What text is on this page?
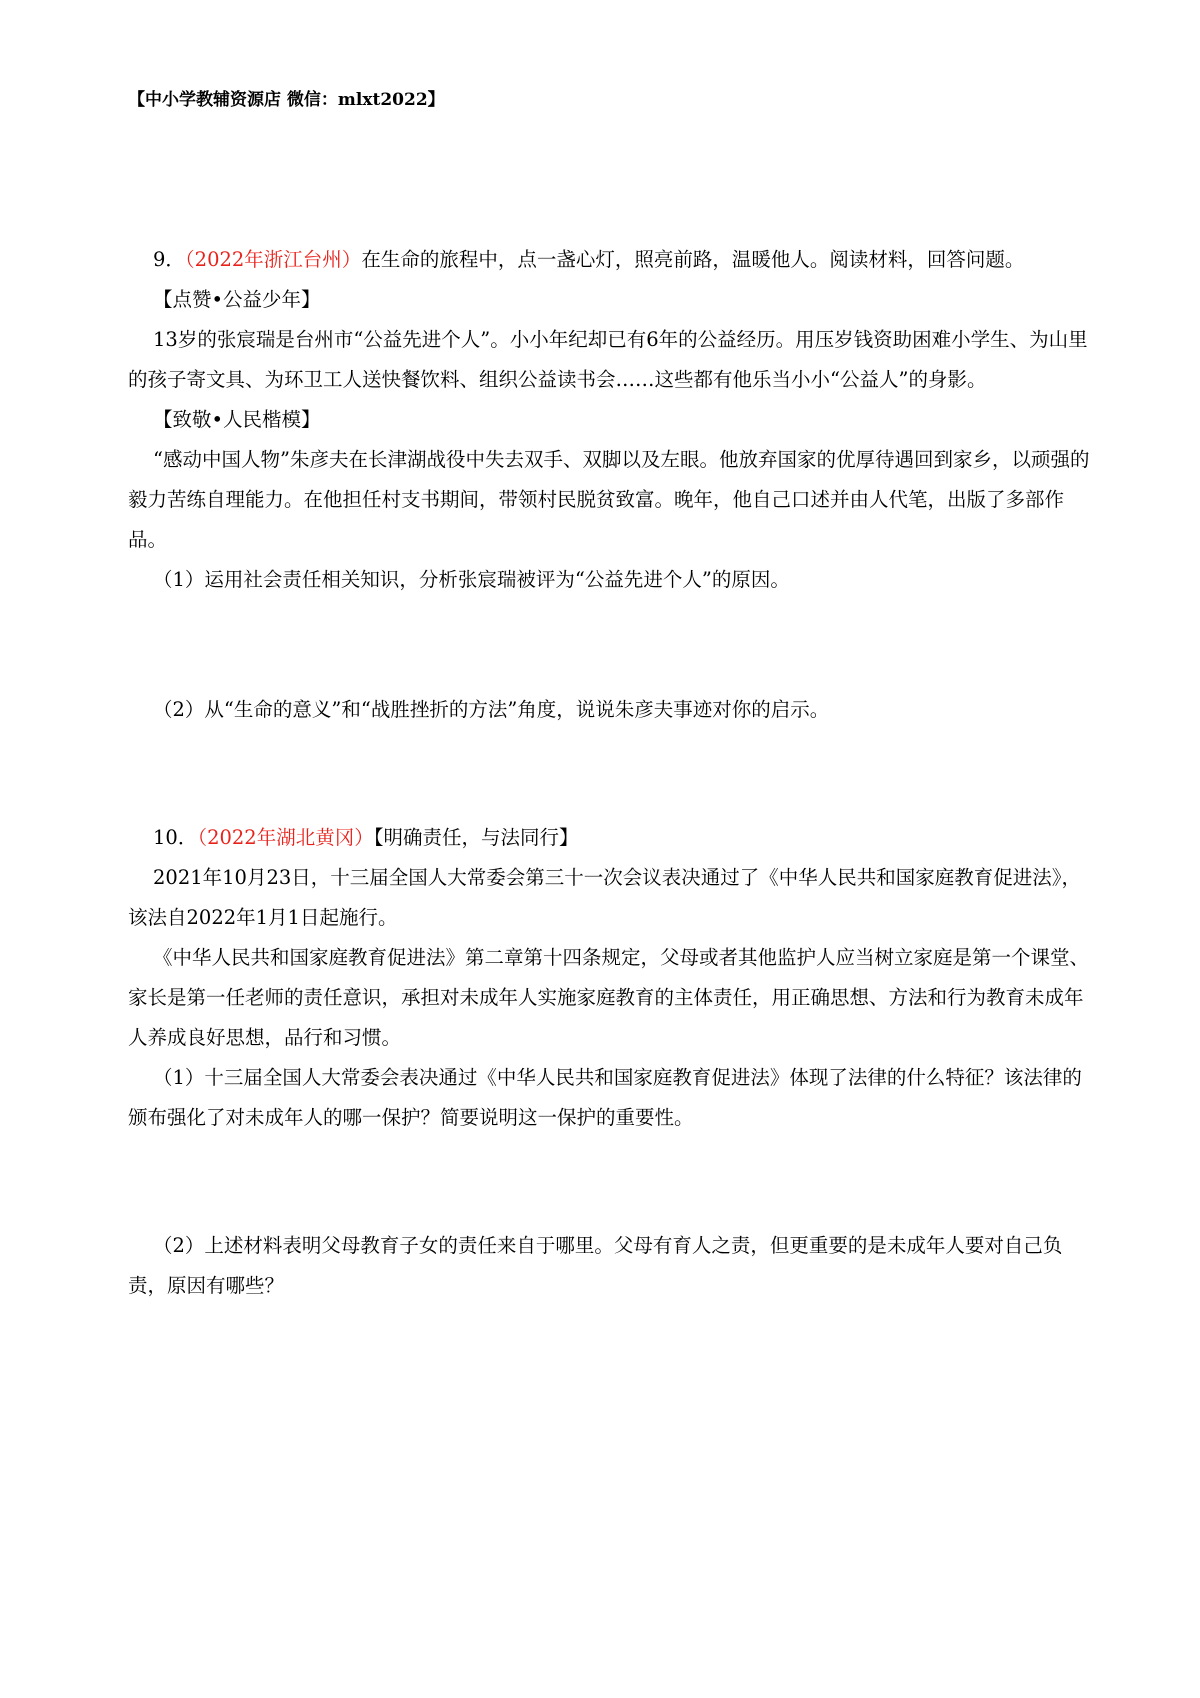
【中小学教辅资源店 微信：mlxt2022】

9．（2022年浙江台州）在生命的旅程中，点一盏心灯，照亮前路，温暖他人。阅读材料，回答问题。

【点赞•公益少年】

13岁的张宸瑞是台州市“公益先进个人”。小小年纪却已有6年的公益经历。用压岁钱资助困难小学生、为山里的孩子寄文具、为环卫工人送快餐饮料、组织公益读书会……这些都有他乐当小小“公益人”的身影。

【致敬•人民楷模】

“感动中国人物”朱彦夫在长津湖战役中失去双手、双脚以及左眼。他放弃国家的优厚待遇回到家乡，以顽强的毅力苦练自理能力。在他担任村支书期间，带领村民脱贫致富。晚年，他自己口述并由人代笔，出版了多部作品。

（1）运用社会责任相关知识，分析张宸瑞被评为“公益先进个人”的原因。

（2）从“生命的意义”和“战胜挫折的方法”角度，说说朱彦夫事迹对你的启示。

10．（2022年湖北黄冈）【明确责任，与法同行】

2021年10月23日，十三届全国人大常委会第三十一次会议表决通过了《中华人民共和国家庭教育促进法》，该法自2022年1月1日起施行。

《中华人民共和国家庭教育促进法》第二章第十四条规定，父母或者其他监护人应当树立家庭是第一个课堂、家长是第一任老师的责任意识，承担对未成年人实施家庭教育的主体责任，用正确思想、方法和行为教育未成年人养成良好思想，品行和习惯。

（1）十三届全国人大常委会表决通过《中华人民共和国家庭教育促进法》体现了法律的什么特征？该法律的颁布强化了对未成年人的哪一保护？简要说明这一保护的重要性。

（2）上述材料表明父母教育子女的责任来自于哪里。父母有育人之责，但更重要的是未成年人要对自己负责，原因有哪些？
